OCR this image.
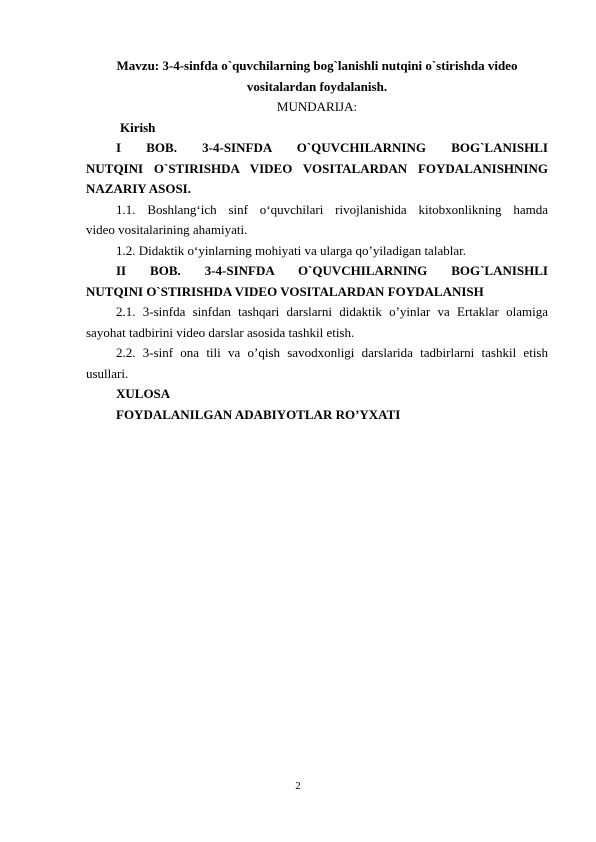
Mavzu: 3-4-sinfda o`quvchilarning bog`lanishli nutqini o`stirishda video

vositalardan foydalanish.

MUNDARIJA:

Kirish

I BOB. 3-4-SINFDA O`QUVCHILARNING BOG`LANISHLI

NUTQINI O`STIRISHDA VIDEO VOSITALARDAN FOYDALANISHNING

NAZARIY ASOSI.

1.1. Boshlang‘ich sinf o‘quvchilari rivojlanishida kitobxonlikning hamda

video vositalarining ahamiyati.

1.2. Didaktik o‘yinlarning mohiyati va ularga qo’yiladigan talablar.

II BOB. 3-4-SINFDA O`QUVCHILARNING BOG`LANISHLI

NUTQINI O`STIRISHDA VIDEO VOSITALARDAN FOYDALANISH

2.1. 3-sinfda sinfdan tashqari darslarni didaktik o’yinlar va Ertaklar olamiga

sayohat tadbirini video darslar asosida tashkil etish.

2.2. 3-sinf ona tili va o’qish savodxonligi darslarida tadbirlarni tashkil etish

usullari.

XULOSA

FOYDALANILGAN ADABIYOTLAR RO’YXATI

2
